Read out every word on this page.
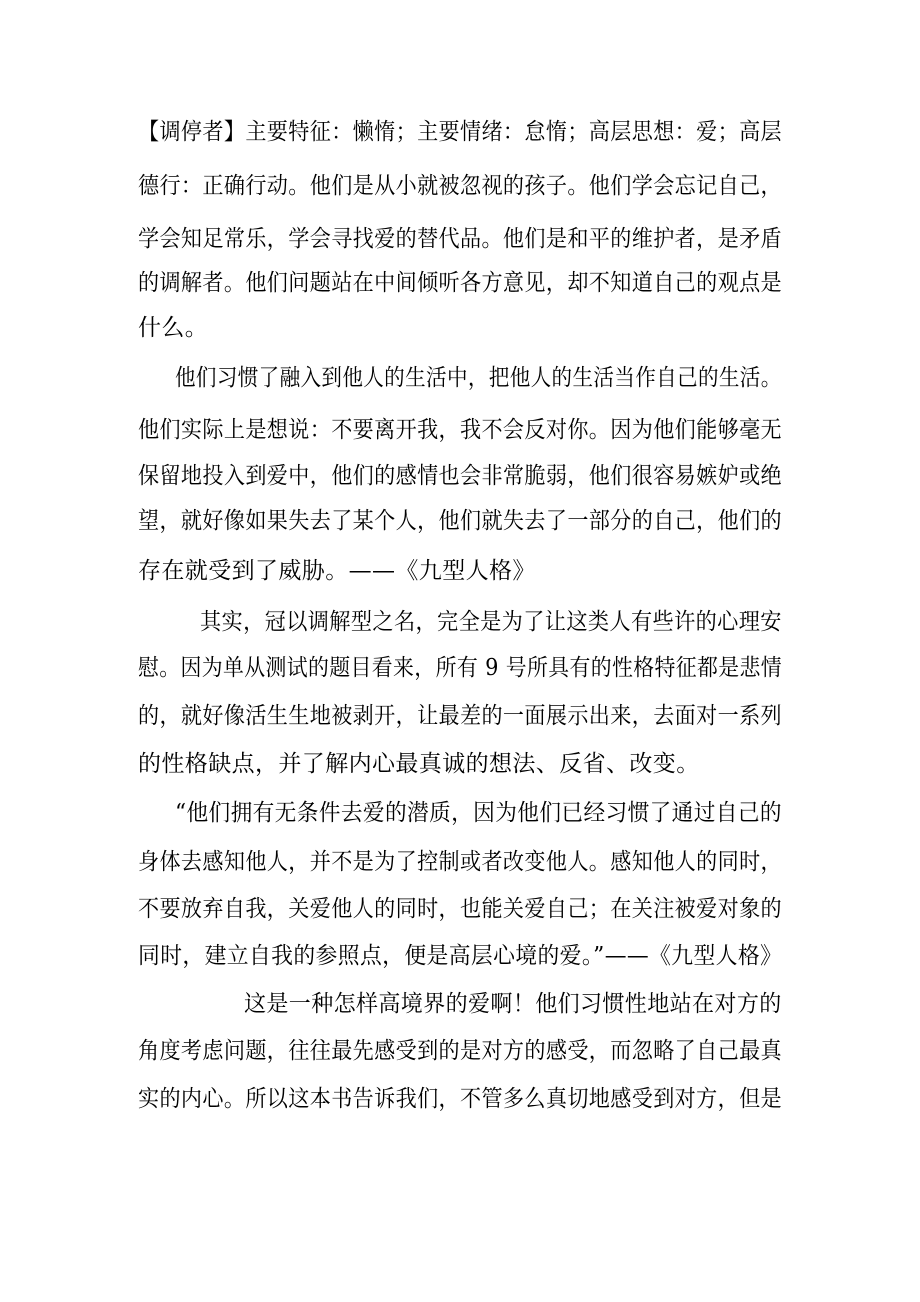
【调停者】主要特征：懒惰；主要情绪：怠惰；高层思想：爱；高层
德行：正确行动。他们是从小就被忽视的孩子。他们学会忘记自己，
学会知足常乐，学会寻找爱的替代品。他们是和平的维护者，是矛盾
的调解者。他们问题站在中间倾听各方意见，却不知道自己的观点是
什么。
他们习惯了融入到他人的生活中，把他人的生活当作自己的生活。
他们实际上是想说：不要离开我，我不会反对你。因为他们能够毫无
保留地投入到爱中，他们的感情也会非常脆弱，他们很容易嫉妒或绝
望，就好像如果失去了某个人，他们就失去了一部分的自己，他们的
存在就受到了威胁。——《九型人格》
其实，冠以调解型之名，完全是为了让这类人有些许的心理安
慰。因为单从测试的题目看来，所有 9 号所具有的性格特征都是悲情
的，就好像活生生地被剥开，让最差的一面展示出来，去面对一系列
的性格缺点，并了解内心最真诚的想法、反省、改变。
“他们拥有无条件去爱的潜质，因为他们已经习惯了通过自己的
身体去感知他人，并不是为了控制或者改变他人。感知他人的同时，
不要放弃自我，关爱他人的同时，也能关爱自己；在关注被爱对象的
同时，建立自我的参照点，便是高层心境的爱。”——《九型人格》
这是一种怎样高境界的爱啊！他们习惯性地站在对方的
角度考虑问题，往往最先感受到的是对方的感受，而忽略了自己最真
实的内心。所以这本书告诉我们，不管多么真切地感受到对方，但是
